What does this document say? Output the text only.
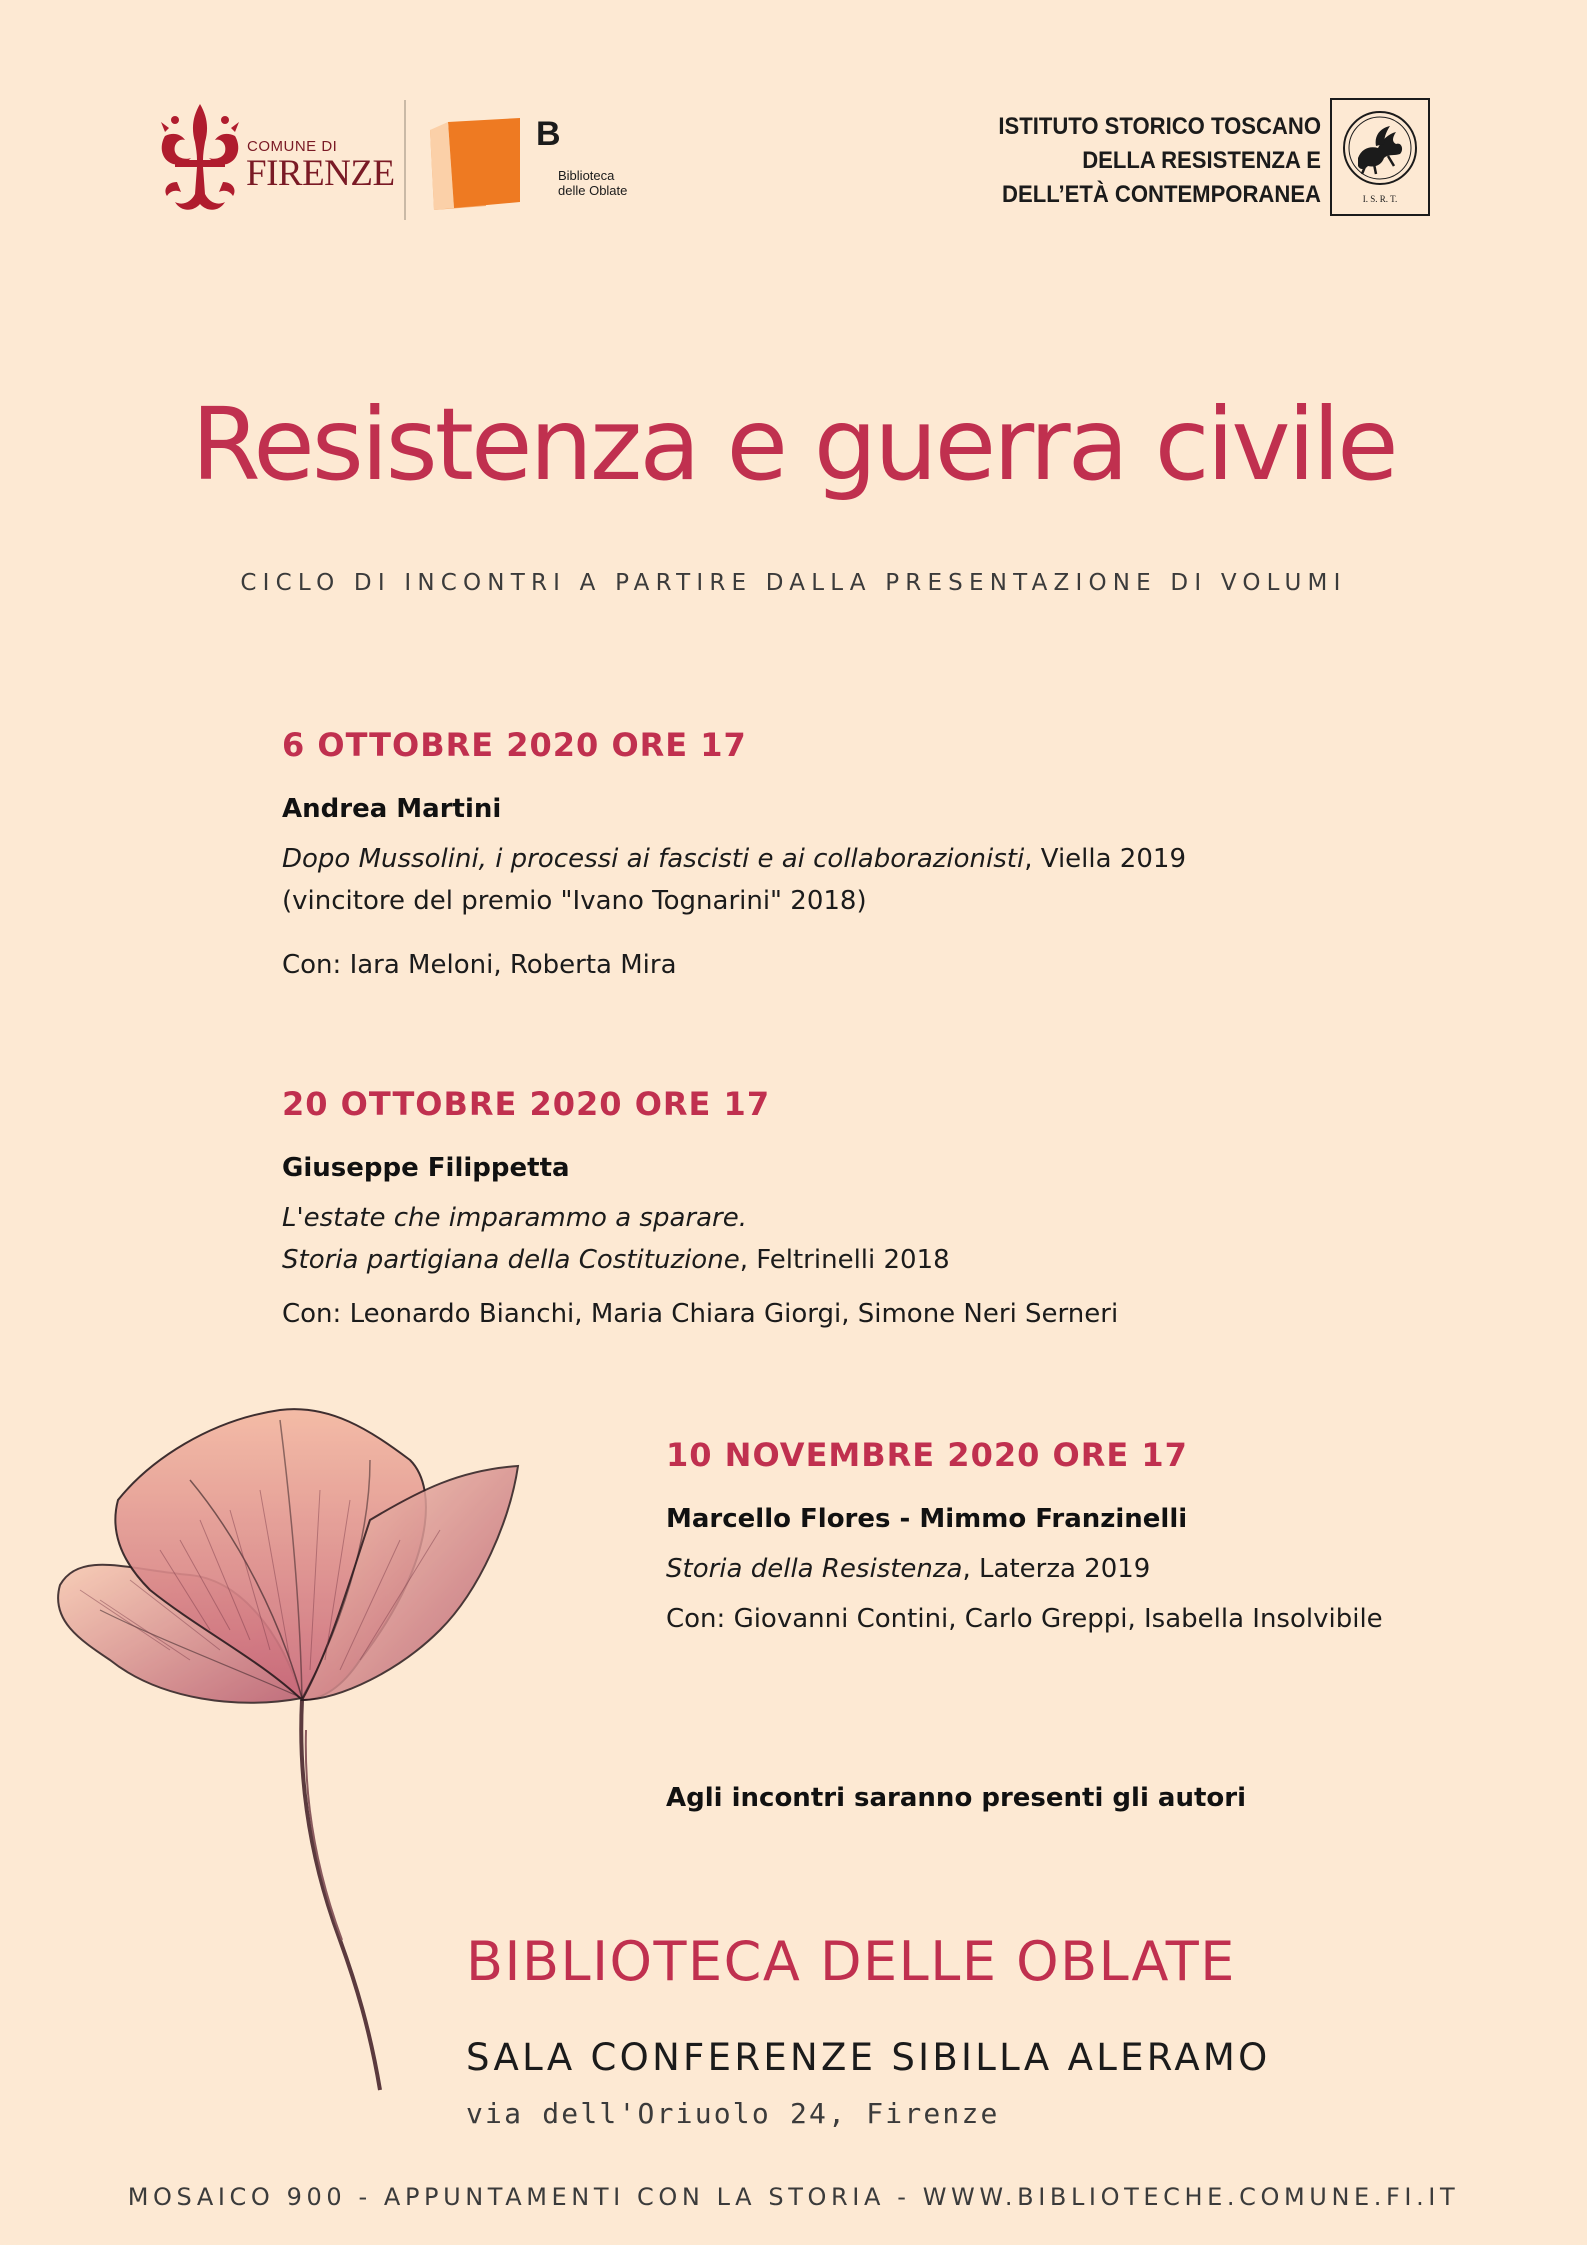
COMUNE DI
FIRENZE
B
Biblioteca
delle Oblate
ISTITUTO STORICO TOSCANO
DELLA RESISTENZA E
DELL’ETÀ CONTEMPORANEA	I. S. R. T.
Resistenza e guerra civile
CICLO DI INCONTRI A PARTIRE DALLA PRESENTAZIONE DI VOLUMI
6 OTTOBRE 2020 ORE 17
Andrea Martini
Dopo Mussolini, i processi ai fascisti e ai collaborazionisti, Viella 2019
(vincitore del premio "Ivano Tognarini" 2018)
Con: Iara Meloni, Roberta Mira
20 OTTOBRE 2020 ORE 17
Giuseppe Filippetta
L'estate che imparammo a sparare.
Storia partigiana della Costituzione, Feltrinelli 2018
Con: Leonardo Bianchi, Maria Chiara Giorgi, Simone Neri Serneri
10 NOVEMBRE 2020 ORE 17
Marcello Flores - Mimmo Franzinelli
Storia della Resistenza, Laterza 2019
Con: Giovanni Contini, Carlo Greppi, Isabella Insolvibile
Agli incontri saranno presenti gli autori
BIBLIOTECA DELLE OBLATE
SALA CONFERENZE SIBILLA ALERAMO
via dell'Oriuolo 24, Firenze
MOSAICO 900 - APPUNTAMENTI CON LA STORIA - WWW.BIBLIOTECHE.COMUNE.FI.IT
